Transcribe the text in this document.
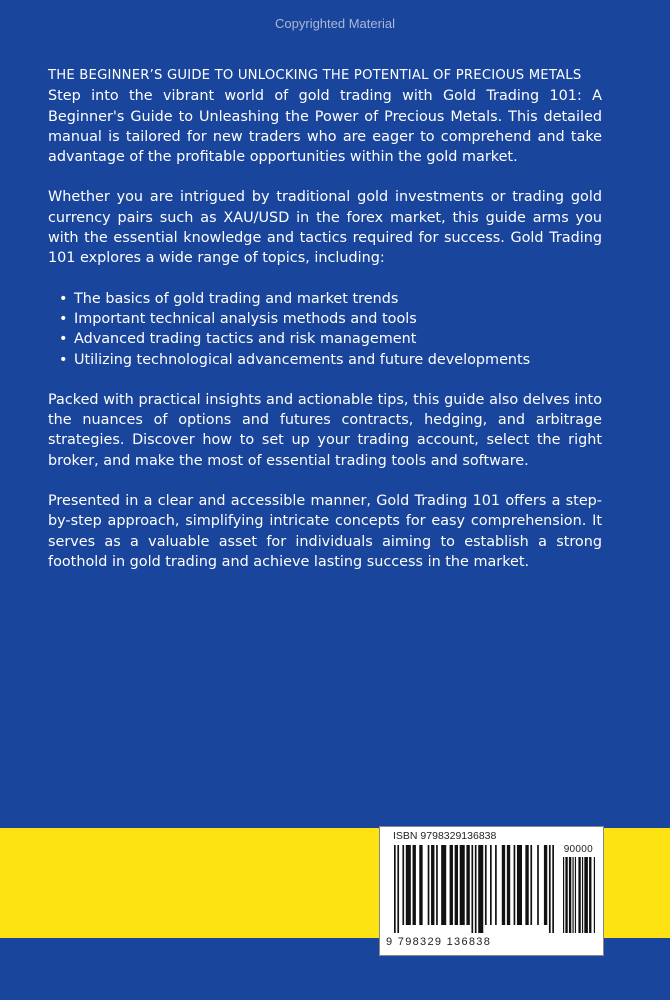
Copyrighted Material
THE BEGINNER’S GUIDE TO UNLOCKING THE POTENTIAL OF PRECIOUS METALS

Step into the vibrant world of gold trading with Gold Trading 101: A Beginner's Guide to Unleashing the Power of Precious Metals. This detailed manual is tailored for new traders who are eager to comprehend and take advantage of the profitable opportunities within the gold market.

Whether you are intrigued by traditional gold investments or trading gold currency pairs such as XAU/USD in the forex market, this guide arms you with the essential knowledge and tactics required for success. Gold Trading 101 explores a wide range of topics, including:

• The basics of gold trading and market trends
• Important technical analysis methods and tools
• Advanced trading tactics and risk management
• Utilizing technological advancements and future developments

Packed with practical insights and actionable tips, this guide also delves into the nuances of options and futures contracts, hedging, and arbitrage strategies. Discover how to set up your trading account, select the right broker, and make the most of essential trading tools and software.

Presented in a clear and accessible manner, Gold Trading 101 offers a step-by-step approach, simplifying intricate concepts for easy comprehension. It serves as a valuable asset for individuals aiming to establish a strong foothold in gold trading and achieve lasting success in the market.

ISBN 9798329136838
90000
9 798329 136838
